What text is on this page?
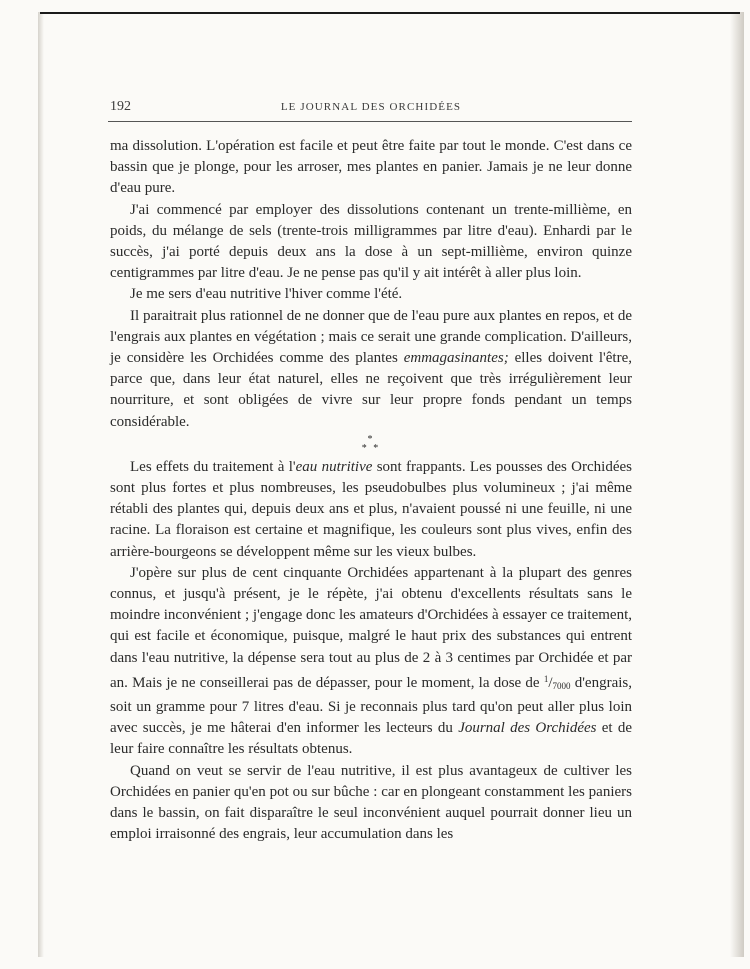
192	LE JOURNAL DES ORCHIDÉES

ma dissolution. L'opération est facile et peut être faite par tout le monde. C'est dans ce bassin que je plonge, pour les arroser, mes plantes en panier. Jamais je ne leur donne d'eau pure.

J'ai commencé par employer des dissolutions contenant un trente-millième, en poids, du mélange de sels (trente-trois milligrammes par litre d'eau). Enhardi par le succès, j'ai porté depuis deux ans la dose à un sept-millième, environ quinze centigrammes par litre d'eau. Je ne pense pas qu'il y ait intérêt à aller plus loin.

Je me sers d'eau nutritive l'hiver comme l'été.

Il paraitrait plus rationnel de ne donner que de l'eau pure aux plantes en repos, et de l'engrais aux plantes en végétation ; mais ce serait une grande complication. D'ailleurs, je considère les Orchidées comme des plantes emmagasinantes; elles doivent l'être, parce que, dans leur état naturel, elles ne reçoivent que très irrégulièrement leur nourriture, et sont obligées de vivre sur leur propre fonds pendant un temps considérable.

*
* *

Les effets du traitement à l'eau nutritive sont frappants. Les pousses des Orchidées sont plus fortes et plus nombreuses, les pseudobulbes plus volumineux ; j'ai même rétabli des plantes qui, depuis deux ans et plus, n'avaient poussé ni une feuille, ni une racine. La floraison est certaine et magnifique, les couleurs sont plus vives, enfin des arrière-bourgeons se développent même sur les vieux bulbes.

J'opère sur plus de cent cinquante Orchidées appartenant à la plupart des genres connus, et jusqu'à présent, je le répète, j'ai obtenu d'excellents résultats sans le moindre inconvénient ; j'engage donc les amateurs d'Orchidées à essayer ce traitement, qui est facile et économique, puisque, malgré le haut prix des substances qui entrent dans l'eau nutritive, la dépense sera tout au plus de 2 à 3 centimes par Orchidée et par an. Mais je ne conseillerai pas de dépasser, pour le moment, la dose de $^1/_{7000}$ d'engrais, soit un gramme pour 7 litres d'eau. Si je reconnais plus tard qu'on peut aller plus loin avec succès, je me hâterai d'en informer les lecteurs du Journal des Orchidées et de leur faire connaître les résultats obtenus.

Quand on veut se servir de l'eau nutritive, il est plus avantageux de cultiver les Orchidées en panier qu'en pot ou sur bûche : car en plongeant constamment les paniers dans le bassin, on fait disparaître le seul inconvénient auquel pourrait donner lieu un emploi irraisonné des engrais, leur accumulation dans les
